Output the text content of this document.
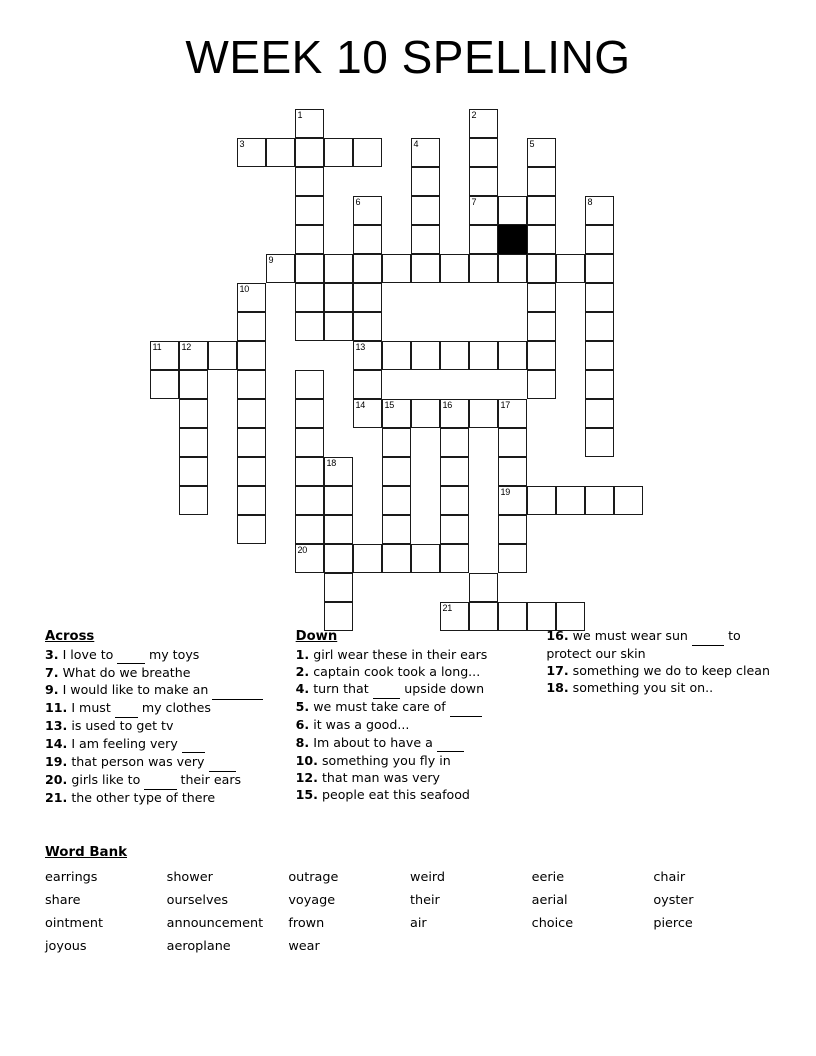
WEEK 10 SPELLING
1	2
3	4	5
6	7	8
9
10
11 12	13
14 15	16	17
18
19
20
21
Across
3. I love to   my toys
7. What do we breathe
9. I would like to make an
11. I must   my clothes
13. is used to get tv
14. I am feeling very
19. that person was very
20. girls like to	their ears
21. the other type of there
Down
1. girl wear these in their ears
2. captain cook took a long...
4. turn that   upside down
5. we must take care of
6. it was a good...
8. Im about to have a
10. something you fly in
12. that man was very
15. people eat this seafood
16. we must wear sun	to protect our skin
17. something we do to keep clean
18. something you sit on..
Word Bank
earrings	shower	outrage	weird	eerie	chair
share	ourselves	voyage	their	aerial	oyster
ointment	announcement	frown	air	choice	pierce
joyous	aeroplane	wear
